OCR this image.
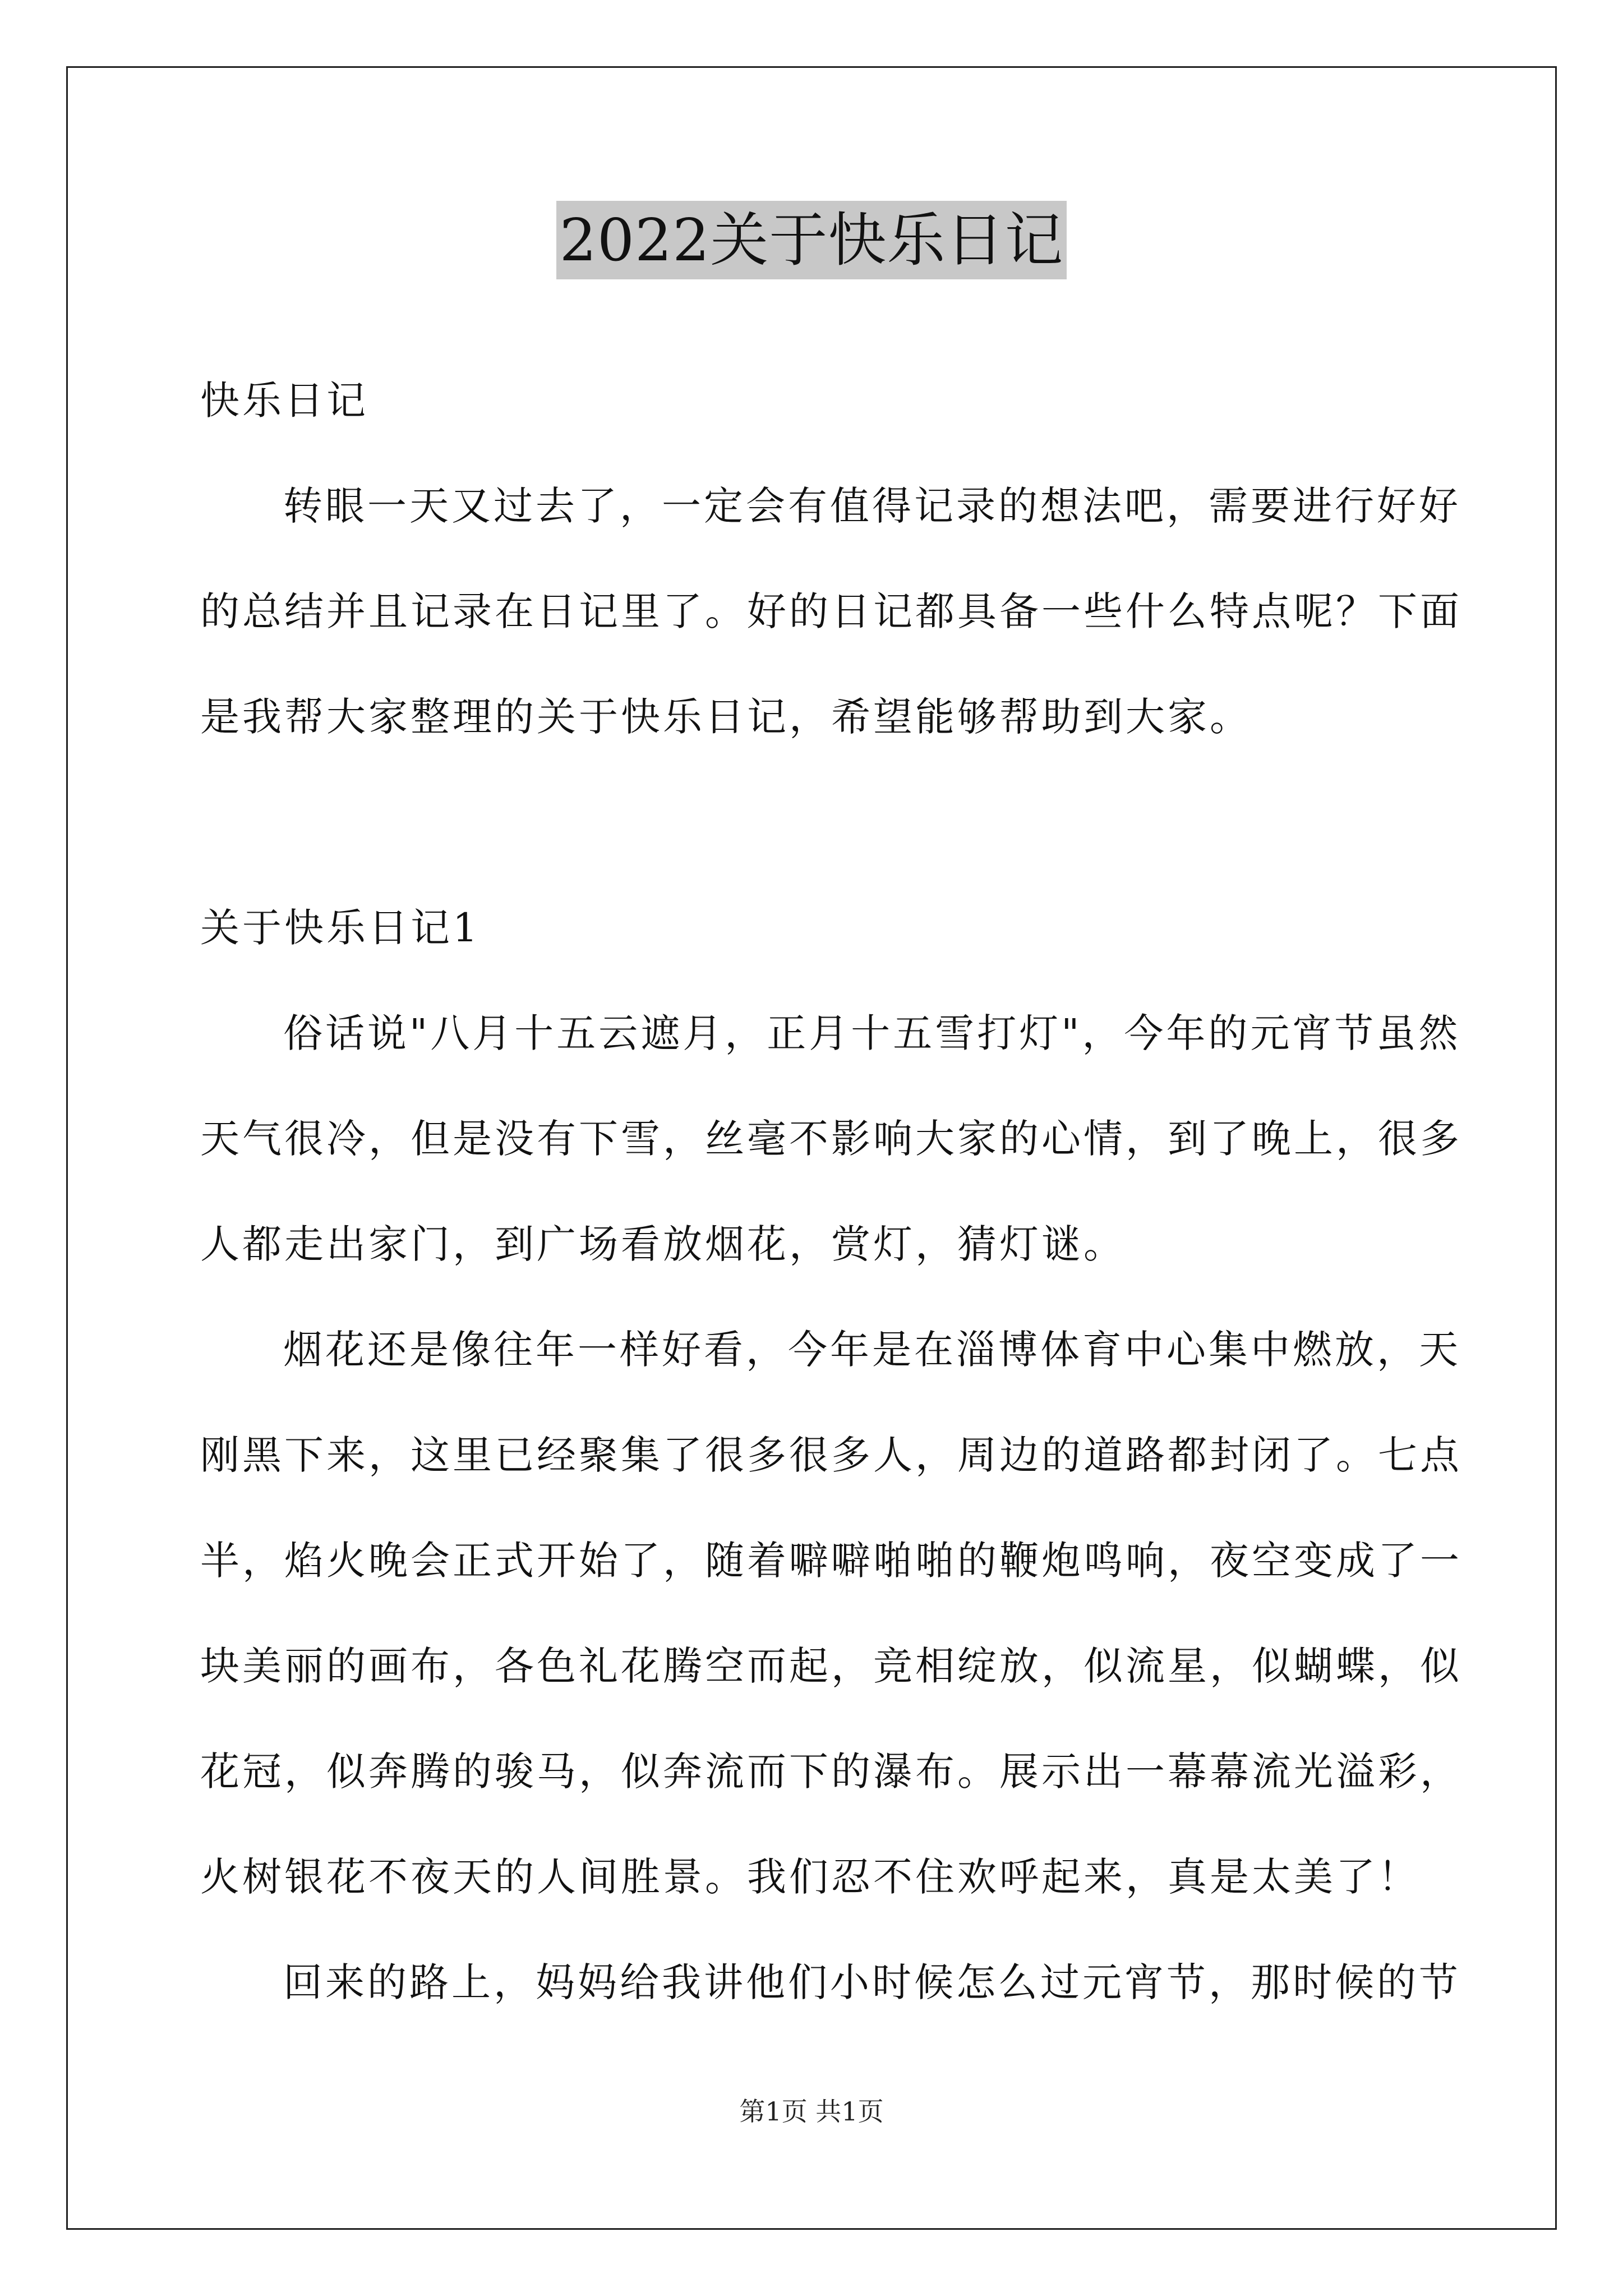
2022关于快乐日记

快乐日记

转眼一天又过去了，一定会有值得记录的想法吧，需要进行好好
的总结并且记录在日记里了。好的日记都具备一些什么特点呢？下面
是我帮大家整理的关于快乐日记，希望能够帮助到大家。

关于快乐日记1

俗话说"八月十五云遮月，正月十五雪打灯"，今年的元宵节虽然
天气很冷，但是没有下雪，丝毫不影响大家的心情，到了晚上，很多
人都走出家门，到广场看放烟花，赏灯，猜灯谜。

烟花还是像往年一样好看，今年是在淄博体育中心集中燃放，天
刚黑下来，这里已经聚集了很多很多人，周边的道路都封闭了。七点
半，焰火晚会正式开始了，随着噼噼啪啪的鞭炮鸣响，夜空变成了一
块美丽的画布，各色礼花腾空而起，竞相绽放，似流星，似蝴蝶，似
花冠，似奔腾的骏马，似奔流而下的瀑布。展示出一幕幕流光溢彩，
火树银花不夜天的人间胜景。我们忍不住欢呼起来，真是太美了！

回来的路上，妈妈给我讲他们小时候怎么过元宵节，那时候的节

第1页 共1页
